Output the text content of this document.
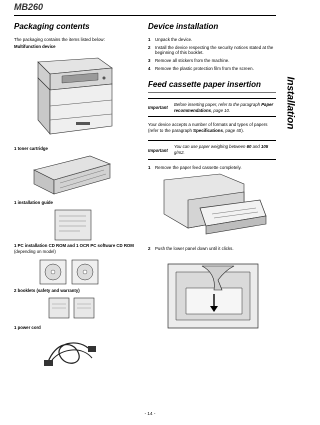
MB260
Installation
Packaging contents

The packaging contains the items listed below:

Multifunction device
1 toner cartridge
1 installation guide
1 PC installation CD ROM and 1 OCR PC software CD ROM (depending on model)
2 booklets (safety and warranty)
1 power cord
Device installation
1	Unpack the device.
2	Install the device respecting the security notices stated at the beginning of this booklet.
3	Remove all stickers from the machine.
4	Remove the plastic protection film from the screen.
Feed cassette paper insertion
Important
Before inserting paper, refer to the paragraph Paper recommendations, page 10.

Your device accepts a number of formats and types of papers (refer to the paragraph Specifications, page 40).

Important
You can use paper weighing between 60 and 105 g/m2.
1	Remove the paper feed cassette completely.

2	Push the lower panel down until it clicks.

- 14 -
